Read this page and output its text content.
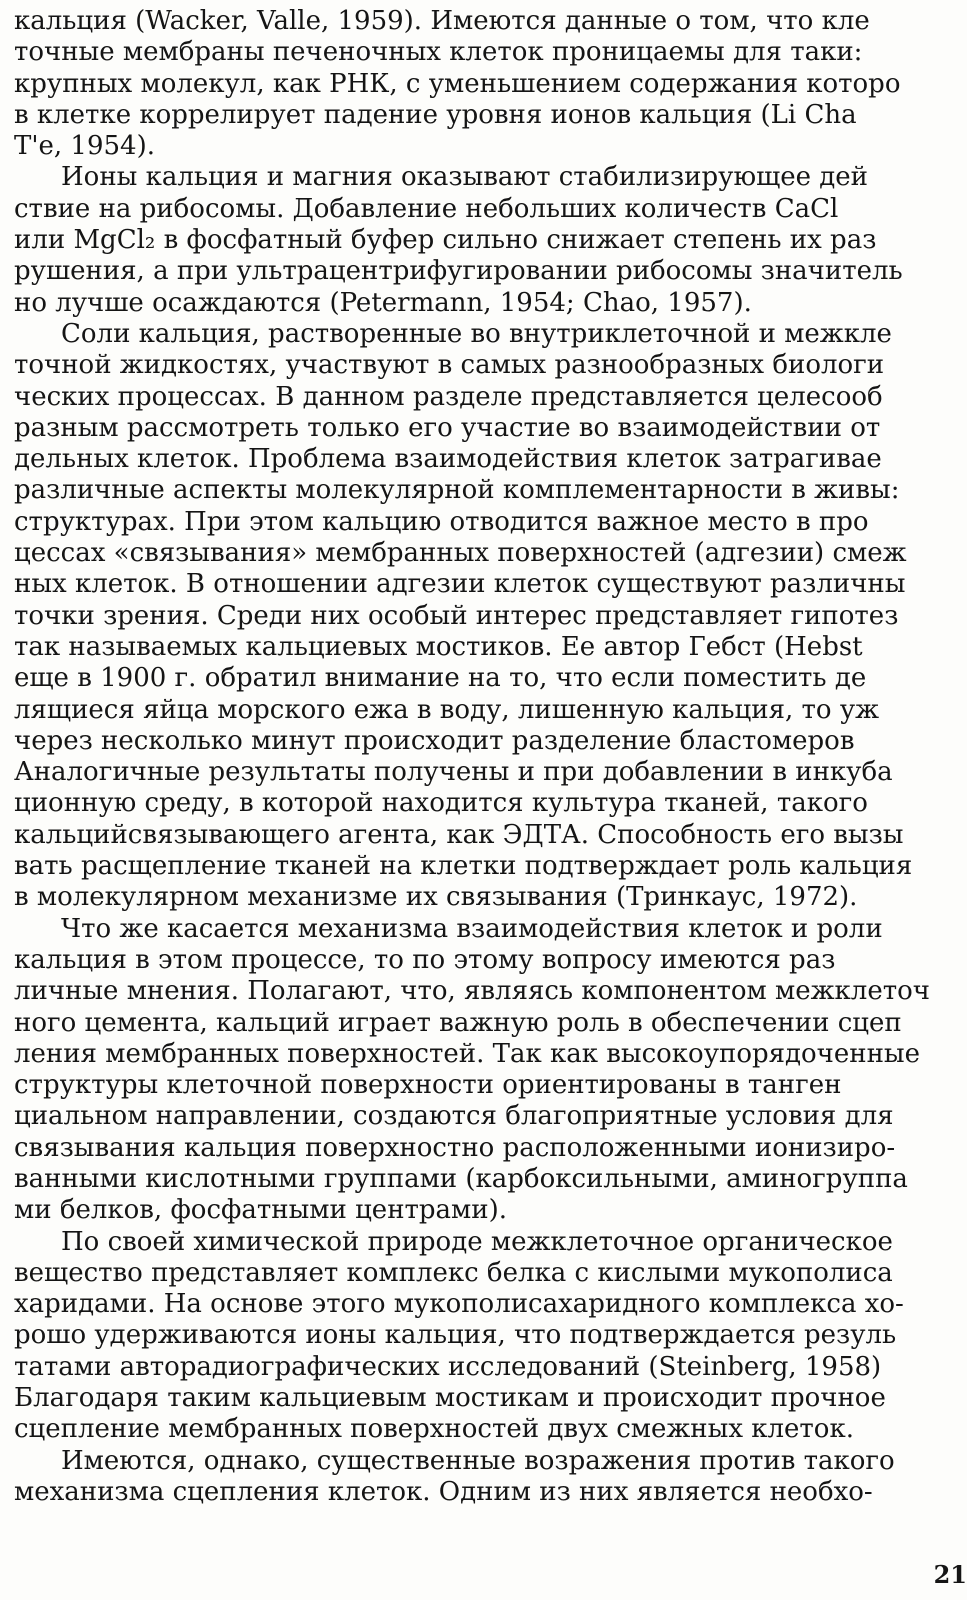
кальция (Wacker, Valle, 1959). Имеются данные о том, что кле
точные мембраны печеночных клеток проницаемы для таки:
крупных молекул, как РНК, с уменьшением содержания которо
в клетке коррелирует падение уровня ионов кальция (Li Cha
T'e, 1954).
Ионы кальция и магния оказывают стабилизирующее дей
ствие на рибосомы. Добавление небольших количеств CaCl
или MgCl₂ в фосфатный буфер сильно снижает степень их раз
рушения, а при ультрацентрифугировании рибосомы значитель
но лучше осаждаются (Petermann, 1954; Chao, 1957).
Соли кальция, растворенные во внутриклеточной и межкле
точной жидкостях, участвуют в самых разнообразных биологи
ческих процессах. В данном разделе представляется целесооб
разным рассмотреть только его участие во взаимодействии от
дельных клеток. Проблема взаимодействия клеток затрагивае
различные аспекты молекулярной комплементарности в живы:
структурах. При этом кальцию отводится важное место в про
цессах «связывания» мембранных поверхностей (адгезии) смеж
ных клеток. В отношении адгезии клеток существуют различны
точки зрения. Среди них особый интерес представляет гипотез
так называемых кальциевых мостиков. Ее автор Гебст (Hebst
еще в 1900 г. обратил внимание на то, что если поместить де
лящиеся яйца морского ежа в воду, лишенную кальция, то уж
через несколько минут происходит разделение бластомеров
Аналогичные результаты получены и при добавлении в инкуба
ционную среду, в которой находится культура тканей, такого
кальцийсвязывающего агента, как ЭДТА. Способность его вызы
вать расщепление тканей на клетки подтверждает роль кальция
в молекулярном механизме их связывания (Тринкаус, 1972).
Что же касается механизма взаимодействия клеток и роли
кальция в этом процессе, то по этому вопросу имеются раз
личные мнения. Полагают, что, являясь компонентом межклеточ
ного цемента, кальций играет важную роль в обеспечении сцеп
ления мембранных поверхностей. Так как высокоупорядоченные
структуры клеточной поверхности ориентированы в танген
циальном направлении, создаются благоприятные условия для
связывания кальция поверхностно расположенными ионизиро-
ванными кислотными группами (карбоксильными, аминогруппа
ми белков, фосфатными центрами).
По своей химической природе межклеточное органическое
вещество представляет комплекс белка с кислыми мукополиса
харидами. На основе этого мукополисахаридного комплекса хо-
рошо удерживаются ионы кальция, что подтверждается резуль
татами авторадиографических исследований (Steinberg, 1958)
Благодаря таким кальциевым мостикам и происходит прочное
сцепление мембранных поверхностей двух смежных клеток.
Имеются, однако, существенные возражения против такого
механизма сцепления клеток. Одним из них является необхо-
21
